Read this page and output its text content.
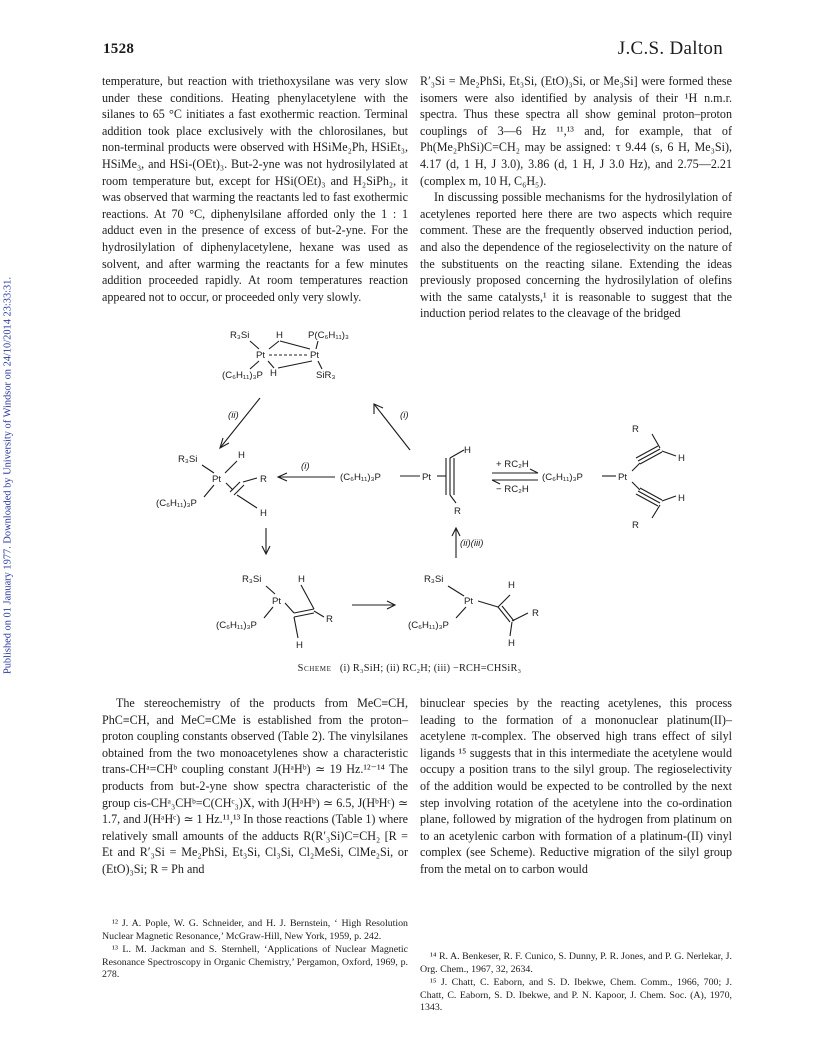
1528	J.C.S. Dalton
Published on 01 January 1977. Downloaded by University of Windsor on 24/10/2014 23:33:31.

temperature, but reaction with triethoxysilane was very slow under these conditions. Heating phenylacetylene with the silanes to 65 °C initiates a fast exothermic reaction. Terminal addition took place exclusively with the chlorosilanes, but non-terminal products were observed with HSiMe₂Ph, HSiEt₃, HSiMe₃, and HSi-(OEt)₃. But-2-yne was not hydrosilylated at room temperature but, except for HSi(OEt)₃ and H₂SiPh₂, it was observed that warming the reactants led to fast exothermic reactions. At 70 °C, diphenylsilane afforded only the 1 : 1 adduct even in the presence of excess of but-2-yne. For the hydrosilylation of diphenylacetylene, hexane was used as solvent, and after warming the reactants for a few minutes addition proceeded rapidly. At room temperatures reaction appeared not to occur, or proceeded only very slowly.

R′₃Si = Me₂PhSi, Et₃Si, (EtO)₃Si, or Me₃Si] were formed these isomers were also identified by analysis of their ¹H n.m.r. spectra. Thus these spectra all show geminal proton–proton couplings of 3—6 Hz ¹¹,¹³ and, for example, that of Ph(Me₂PhSi)C=CH₂ may be assigned: τ 9.44 (s, 6 H, Me₃Si), 4.17 (d, 1 H, J 3.0), 3.86 (d, 1 H, J 3.0 Hz), and 2.75—2.21 (complex m, 10 H, C₆H₅).

In discussing possible mechanisms for the hydrosilylation of acetylenes reported here there are two aspects which require comment. These are the frequently observed induction period, and also the dependence of the regioselectivity on the nature of the substituents on the reacting silane. Extending the ideas previously proposed concerning the hydrosilylation of olefins with the same catalysts,¹ it is reasonable to suggest that the induction period relates to the cleavage of the bridged

R₃Si	H	P(C₆H₁₁)₃
Pt	Pt
(C₆H₁₁)₃P H	SiR₃
(ii)	(i)
R₃Si	H
Pt	R
(C₆H₁₁)₃P
H
(i)
(C₆H₁₁)₃P	Pt
H
R
+ RC₂H
− RC₂H
(C₆H₁₁)₃P	Pt
R
H
H
R
(ii)(iii)
R₃Si	H
Pt
(C₆H₁₁)₃P
R
H
R₃Si
H
Pt
(C₆H₁₁)₃P
R
H
Scheme (i) R₃SiH; (ii) RC₂H; (iii) −RCH=CHSiR₃

The stereochemistry of the products from MeC≡CH, PhC≡CH, and MeC≡CMe is established from the proton–proton coupling constants observed (Table 2). The vinylsilanes obtained from the two monoacetylenes show a characteristic trans-CHᵃ=CHᵇ coupling constant J(HᵃHᵇ) ≃ 19 Hz.¹²⁻¹⁴ The products from but-2-yne show spectra characteristic of the group cis-CHᵃ₃CHᵇ=C(CHᶜ₃)X, with J(HᵃHᵇ) ≃ 6.5, J(HᵇHᶜ) ≃ 1.7, and J(HᵃHᶜ) ≃ 1 Hz.¹¹,¹³ In those reactions (Table 1) where relatively small amounts of the adducts R(R′₃Si)C=CH₂ [R = Et and R′₃Si = Me₂PhSi, Et₃Si, Cl₃Si, Cl₂MeSi, ClMe₂Si, or (EtO)₃Si; R = Ph and

binuclear species by the reacting acetylenes, this process leading to the formation of a mononuclear platinum(II)–acetylene π-complex. The observed high trans effect of silyl ligands ¹⁵ suggests that in this intermediate the acetylene would occupy a position trans to the silyl group. The regioselectivity of the addition would be expected to be controlled by the next step involving rotation of the acetylene into the co-ordination plane, followed by migration of the hydrogen from platinum on to an acetylenic carbon with formation of a platinum-(II) vinyl complex (see Scheme). Reductive migration of the silyl group from the metal on to carbon would

¹² J. A. Pople, W. G. Schneider, and H. J. Bernstein, ‘ High Resolution Nuclear Magnetic Resonance,’ McGraw-Hill, New York, 1959, p. 242.

¹³ L. M. Jackman and S. Sternhell, ‘Applications of Nuclear Magnetic Resonance Spectroscopy in Organic Chemistry,’ Pergamon, Oxford, 1969, p. 278.

¹⁴ R. A. Benkeser, R. F. Cunico, S. Dunny, P. R. Jones, and P. G. Nerlekar, J. Org. Chem., 1967, 32, 2634.

¹⁵ J. Chatt, C. Eaborn, and S. D. Ibekwe, Chem. Comm., 1966, 700; J. Chatt, C. Eaborn, S. D. Ibekwe, and P. N. Kapoor, J. Chem. Soc. (A), 1970, 1343.
